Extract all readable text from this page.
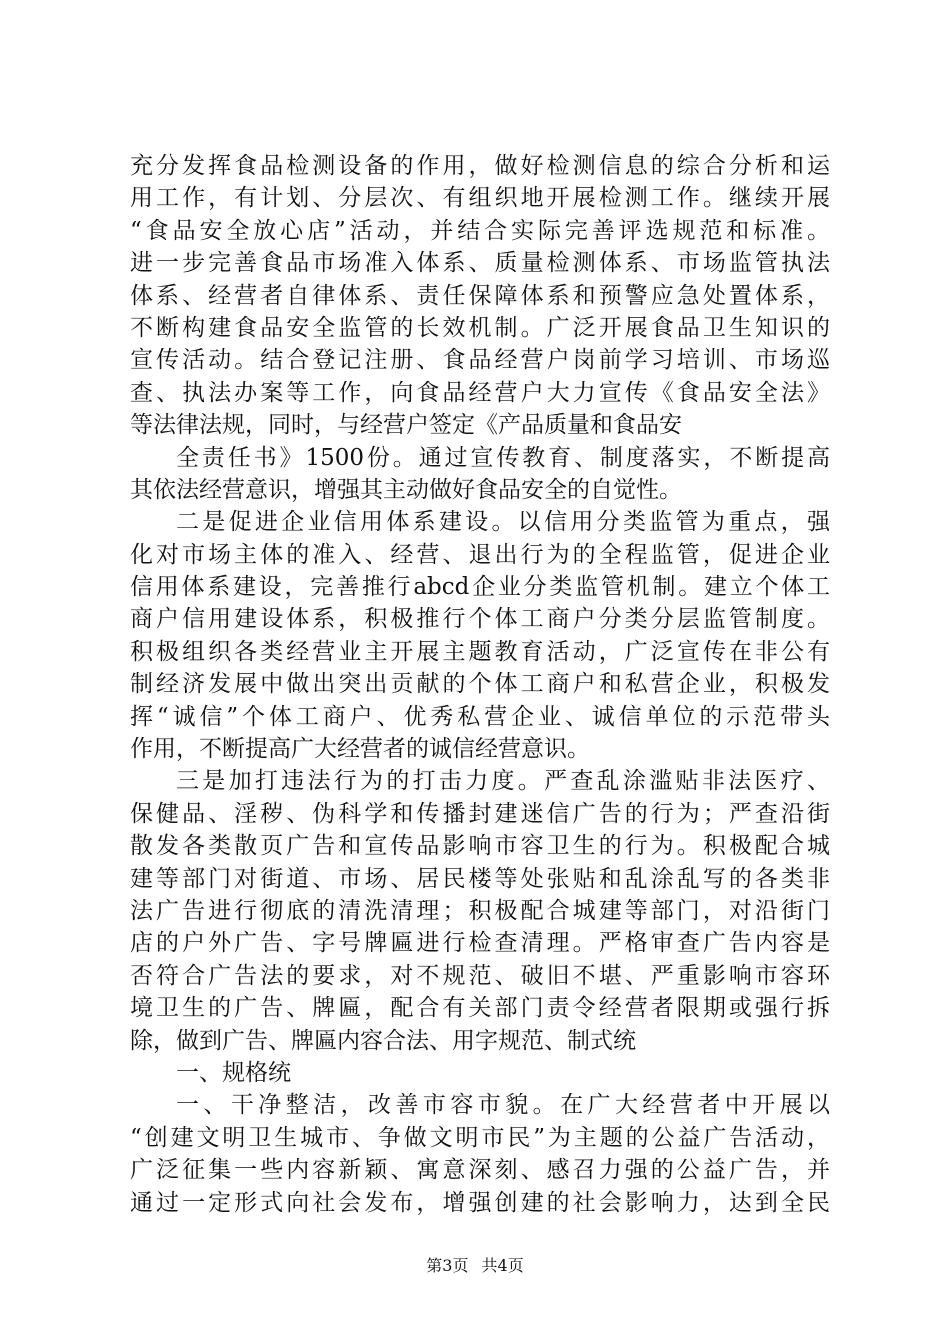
充分发挥食品检测设备的作用，做好检测信息的综合分析和运
用工作，有计划、分层次、有组织地开展检测工作。继续开展
“食品安全放心店”活动，并结合实际完善评选规范和标准。
进一步完善食品市场准入体系、质量检测体系、市场监管执法
体系、经营者自律体系、责任保障体系和预警应急处置体系，
不断构建食品安全监管的长效机制。广泛开展食品卫生知识的
宣传活动。结合登记注册、食品经营户岗前学习培训、市场巡
查、执法办案等工作，向食品经营户大力宣传《食品安全法》
等法律法规，同时，与经营户签定《产品质量和食品安
全责任书》1500份。通过宣传教育、制度落实，不断提高
其依法经营意识，增强其主动做好食品安全的自觉性。
二是促进企业信用体系建设。以信用分类监管为重点，强
化对市场主体的准入、经营、退出行为的全程监管，促进企业
信用体系建设，完善推行abcd企业分类监管机制。建立个体工
商户信用建设体系，积极推行个体工商户分类分层监管制度。
积极组织各类经营业主开展主题教育活动，广泛宣传在非公有
制经济发展中做出突出贡献的个体工商户和私营企业，积极发
挥“诚信”个体工商户、优秀私营企业、诚信单位的示范带头
作用，不断提高广大经营者的诚信经营意识。
三是加打违法行为的打击力度。严查乱涂滥贴非法医疗、
保健品、淫秽、伪科学和传播封建迷信广告的行为；严查沿街
散发各类散页广告和宣传品影响市容卫生的行为。积极配合城
建等部门对街道、市场、居民楼等处张贴和乱涂乱写的各类非
法广告进行彻底的清洗清理；积极配合城建等部门，对沿街门
店的户外广告、字号牌匾进行检查清理。严格审查广告内容是
否符合广告法的要求，对不规范、破旧不堪、严重影响市容环
境卫生的广告、牌匾，配合有关部门责令经营者限期或强行拆
除，做到广告、牌匾内容合法、用字规范、制式统
一、规格统
一、干净整洁，改善市容市貌。在广大经营者中开展以
“创建文明卫生城市、争做文明市民”为主题的公益广告活动，
广泛征集一些内容新颖、寓意深刻、感召力强的公益广告，并
通过一定形式向社会发布，增强创建的社会影响力，达到全民
第3页 共4页
